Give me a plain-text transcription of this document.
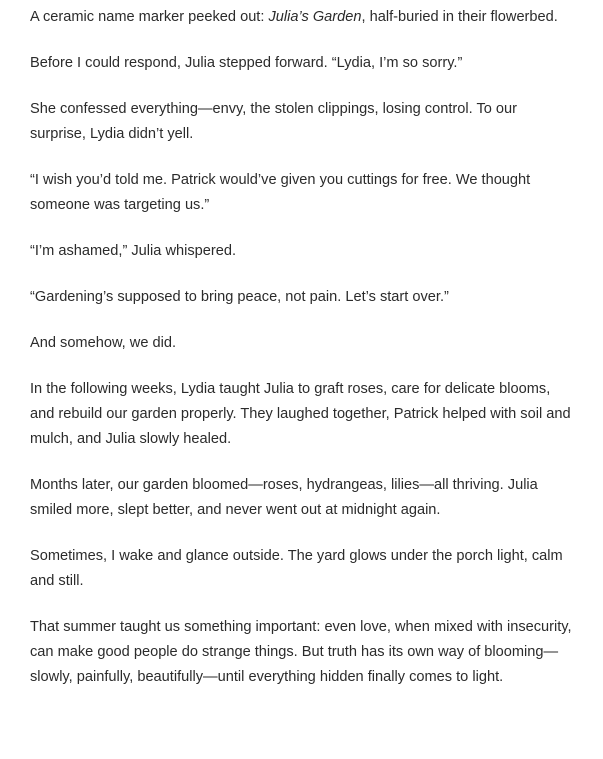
A ceramic name marker peeked out: Julia’s Garden, half-buried in their flowerbed.

Before I could respond, Julia stepped forward. “Lydia, I’m so sorry.”

She confessed everything—envy, the stolen clippings, losing control. To our surprise, Lydia didn’t yell.

“I wish you’d told me. Patrick would’ve given you cuttings for free. We thought someone was targeting us.”

“I’m ashamed,” Julia whispered.

“Gardening’s supposed to bring peace, not pain. Let’s start over.”

And somehow, we did.

In the following weeks, Lydia taught Julia to graft roses, care for delicate blooms, and rebuild our garden properly. They laughed together, Patrick helped with soil and mulch, and Julia slowly healed.

Months later, our garden bloomed—roses, hydrangeas, lilies—all thriving. Julia smiled more, slept better, and never went out at midnight again.

Sometimes, I wake and glance outside. The yard glows under the porch light, calm and still.

That summer taught us something important: even love, when mixed with insecurity, can make good people do strange things. But truth has its own way of blooming—slowly, painfully, beautifully—until everything hidden finally comes to light.
